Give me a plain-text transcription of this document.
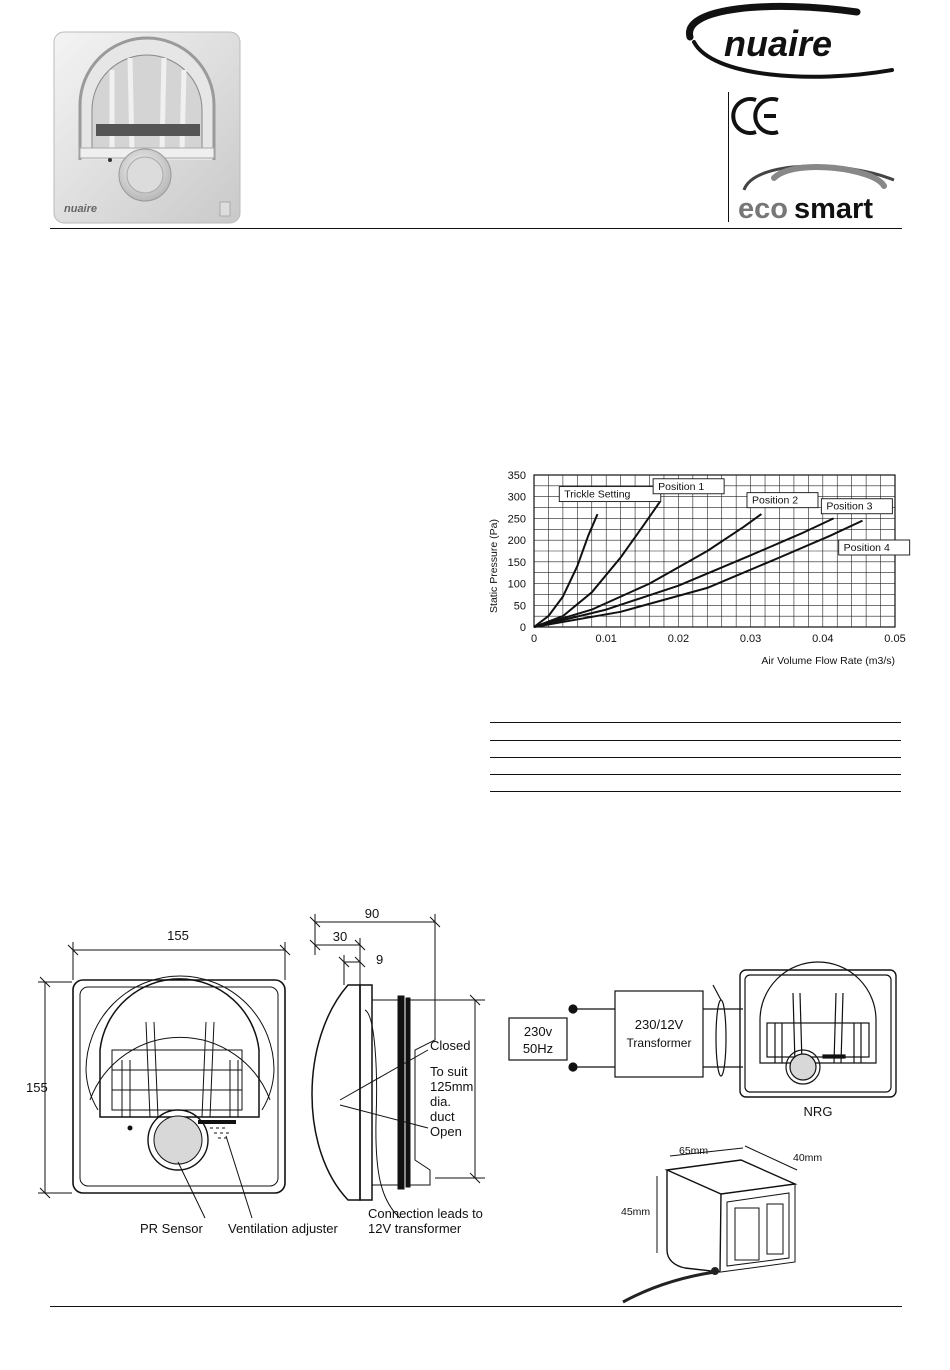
nuaire
nuaire
eco smart
0	0.01	0.02	0.03	0.04	0.05
0
50
100
150
200
250
300
350
Trickle Setting
Position 1
Position 2
Position 3
Position 4
Static Pressure (Pa)
Air Volume Flow Rate (m3/s)
155
155
90
30
9
Closed
Open
To suit
125mm
dia.
duct
PR Sensor Ventilation adjuster
Connection leads to
12V transformer
230v
50Hz
230/12V
Transformer
NRG
65mm
40mm
45mm
